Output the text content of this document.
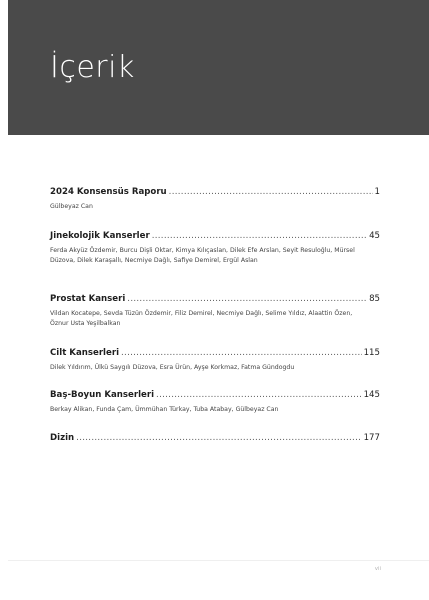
İçerik
2024 Konsensüs Raporu .....	1
Gülbeyaz Can
Jinekolojik Kanserler .....	45
Ferda Akyüz Özdemir, Burcu Dişli Oktar, Kimya Kılıçaslan, Dilek Efe Arslan, Seyit Resuloğlu, Mürsel Düzova, Dilek Karaşallı, Necmiye Dağlı, Safiye Demirel, Ergül Aslan
Prostat Kanseri .....	85
Vildan Kocatepe, Sevda Tüzün Özdemir, Filiz Demirel, Necmiye Dağlı, Selime Yıldız, Alaattin Özen, Öznur Usta Yeşilbalkan
Cilt Kanserleri .....	115
Dilek Yıldırım, Ülkü Saygılı Düzova, Esra Ürün, Ayşe Korkmaz, Fatma Gündogdu
Baş-Boyun Kanserleri .....	145
Berkay Alikan, Funda Çam, Ümmühan Türkay, Tuba Atabay, Gülbeyaz Can
Dizin .....	177
vii
